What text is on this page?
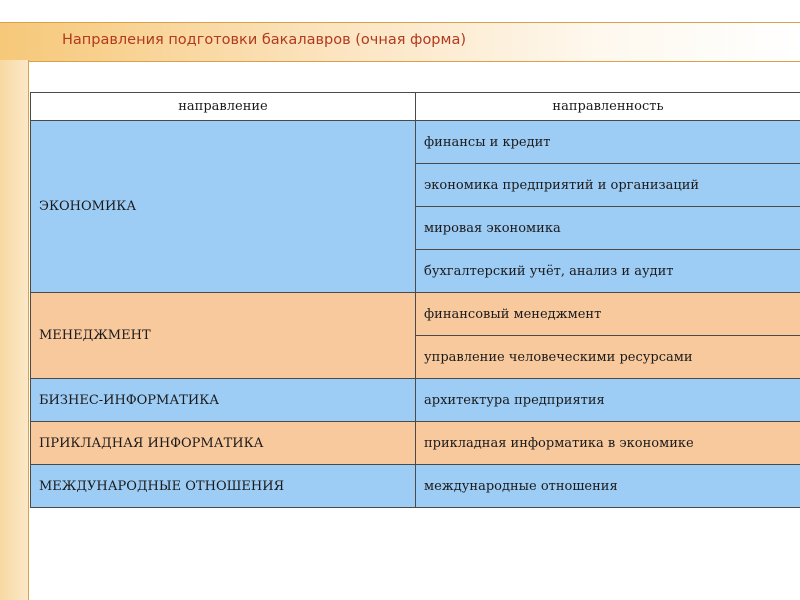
Направления подготовки бакалавров (очная форма)
направление	направленность
ЭКОНОМИКА	финансы и кредит
	экономика предприятий и организаций
	мировая экономика
	бухгалтерский учёт, анализ и аудит
МЕНЕДЖМЕНТ	финансовый менеджмент
	управление человеческими ресурсами
БИЗНЕС-ИНФОРМАТИКА	архитектура предприятия
ПРИКЛАДНАЯ ИНФОРМАТИКА	прикладная информатика в экономике
МЕЖДУНАРОДНЫЕ ОТНОШЕНИЯ	международные отношения
